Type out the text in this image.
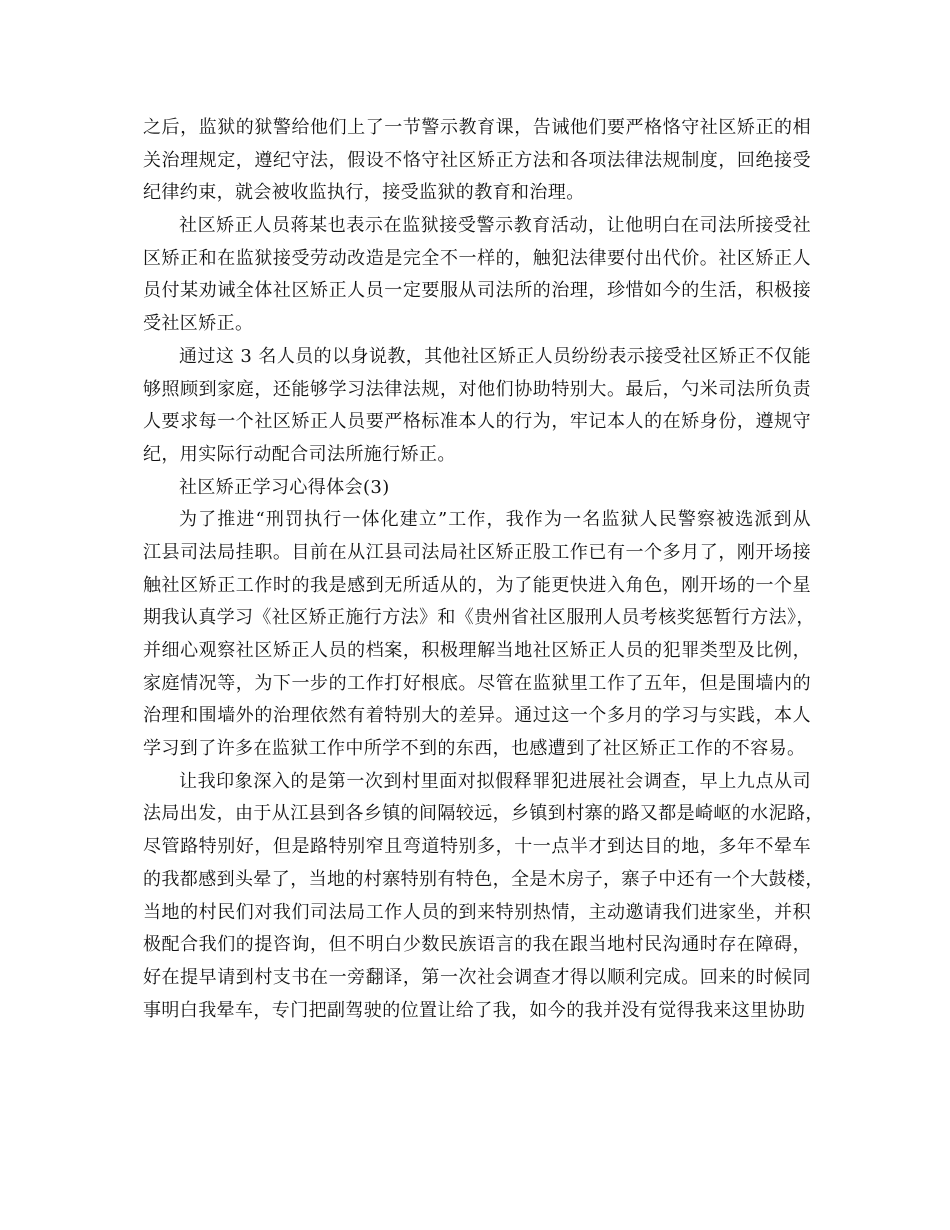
之后，监狱的狱警给他们上了一节警示教育课，告诫他们要严格恪守社区矫正的相
关治理规定，遵纪守法，假设不恪守社区矫正方法和各项法律法规制度，回绝接受
纪律约束，就会被收监执行，接受监狱的教育和治理。
社区矫正人员蒋某也表示在监狱接受警示教育活动，让他明白在司法所接受社
区矫正和在监狱接受劳动改造是完全不一样的，触犯法律要付出代价。社区矫正人
员付某劝诫全体社区矫正人员一定要服从司法所的治理，珍惜如今的生活，积极接
受社区矫正。
通过这 3 名人员的以身说教，其他社区矫正人员纷纷表示接受社区矫正不仅能
够照顾到家庭，还能够学习法律法规，对他们协助特别大。最后，勺米司法所负责
人要求每一个社区矫正人员要严格标准本人的行为，牢记本人的在矫身份，遵规守
纪，用实际行动配合司法所施行矫正。
社区矫正学习心得体会(3)
为了推进“刑罚执行一体化建立”工作，我作为一名监狱人民警察被选派到从
江县司法局挂职。目前在从江县司法局社区矫正股工作已有一个多月了，刚开场接
触社区矫正工作时的我是感到无所适从的，为了能更快进入角色，刚开场的一个星
期我认真学习《社区矫正施行方法》和《贵州省社区服刑人员考核奖惩暂行方法》，
并细心观察社区矫正人员的档案，积极理解当地社区矫正人员的犯罪类型及比例，
家庭情况等，为下一步的工作打好根底。尽管在监狱里工作了五年，但是围墙内的
治理和围墙外的治理依然有着特别大的差异。通过这一个多月的学习与实践，本人
学习到了许多在监狱工作中所学不到的东西，也感遭到了社区矫正工作的不容易。
让我印象深入的是第一次到村里面对拟假释罪犯进展社会调查，早上九点从司
法局出发，由于从江县到各乡镇的间隔较远，乡镇到村寨的路又都是崎岖的水泥路，
尽管路特别好，但是路特别窄且弯道特别多，十一点半才到达目的地，多年不晕车
的我都感到头晕了，当地的村寨特别有特色，全是木房子，寨子中还有一个大鼓楼，
当地的村民们对我们司法局工作人员的到来特别热情，主动邀请我们进家坐，并积
极配合我们的提咨询，但不明白少数民族语言的我在跟当地村民沟通时存在障碍，
好在提早请到村支书在一旁翻译，第一次社会调查才得以顺利完成。回来的时候同
事明白我晕车，专门把副驾驶的位置让给了我，如今的我并没有觉得我来这里协助
